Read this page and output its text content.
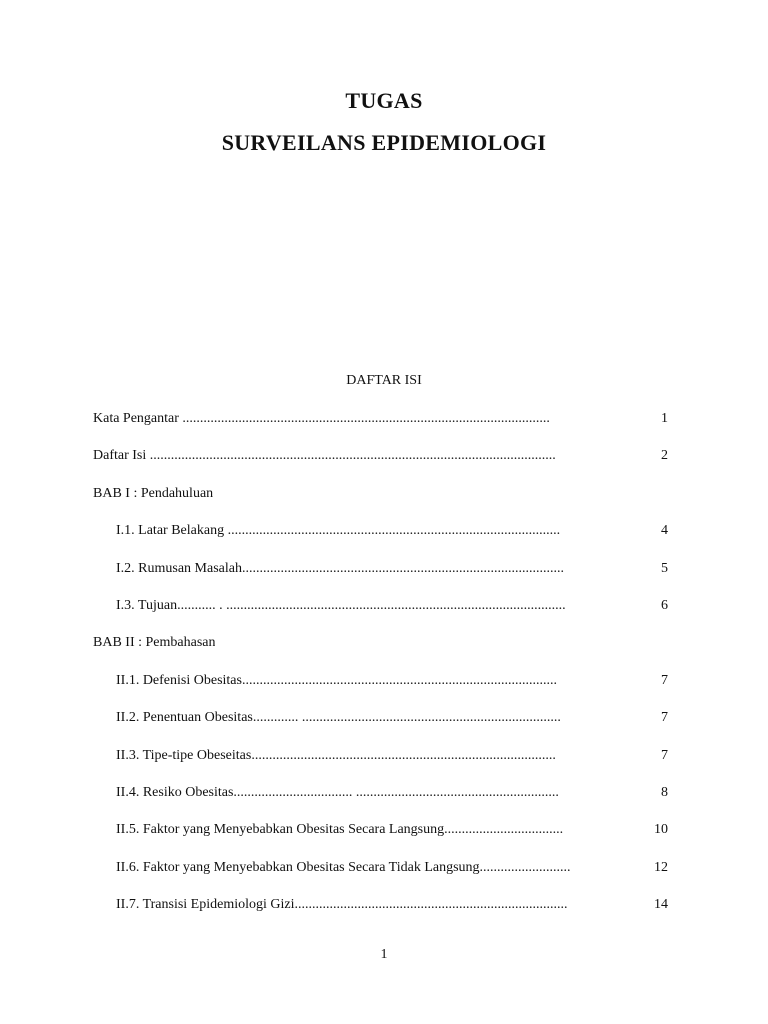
TUGAS
SURVEILANS EPIDEMIOLOGI
DAFTAR ISI
Kata Pengantar .........................................................................................................	1
Daftar Isi ....................................................................................................................	2
BAB I : Pendahuluan
I.1. Latar Belakang ...............................................................................................	4
I.2. Rumusan Masalah............................................................................................	5
I.3. Tujuan........... . .................................................................................................	6
BAB II : Pembahasan
II.1. Defenisi Obesitas..........................................................................................	7
II.2. Penentuan Obesitas............. ..........................................................................	7
II.3. Tipe-tipe Obeseitas.......................................................................................	7
II.4. Resiko Obesitas.................................. ..........................................................	8
II.5. Faktor yang Menyebabkan Obesitas Secara Langsung..................................	10
II.6. Faktor yang Menyebabkan Obesitas Secara Tidak Langsung..........................	12
II.7. Transisi Epidemiologi Gizi..............................................................................	14
1
